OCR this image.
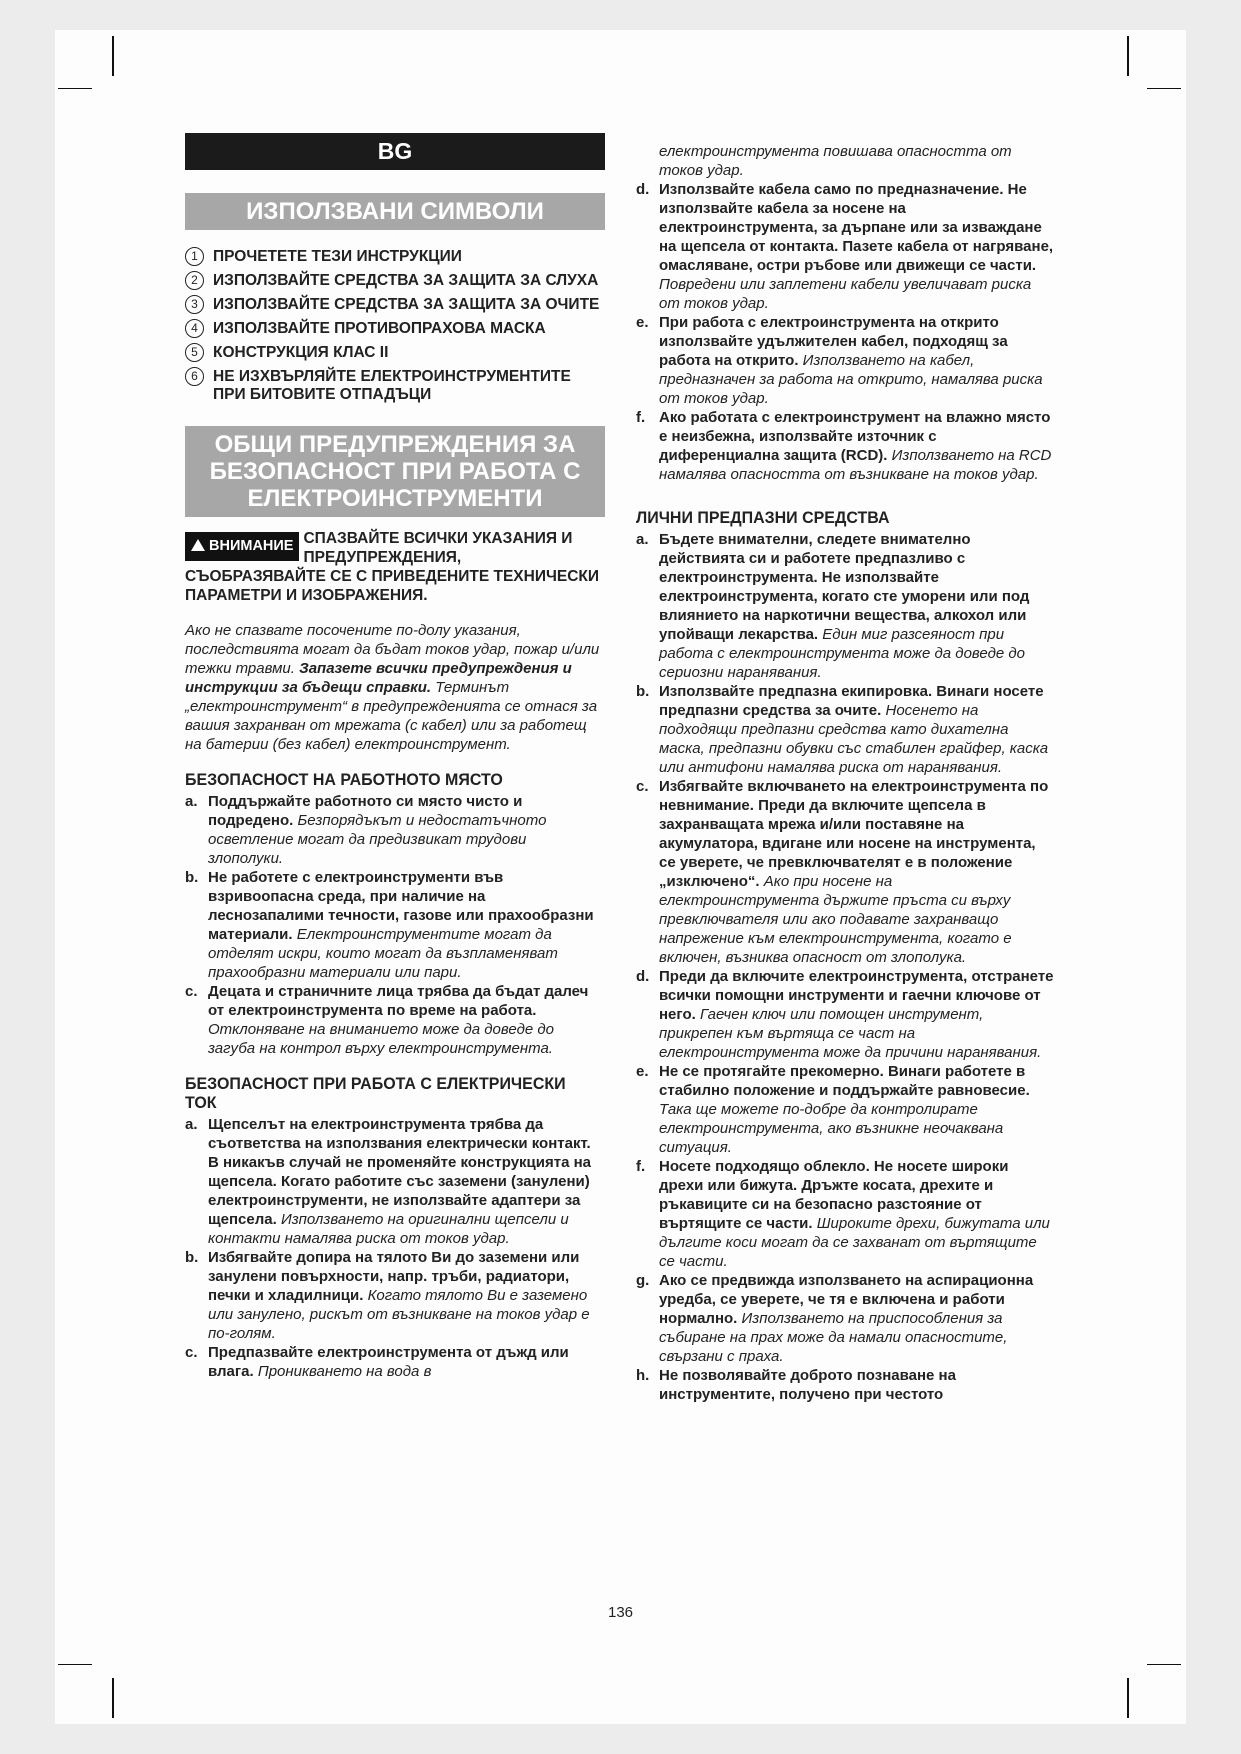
BG
ИЗПОЛЗВАНИ СИМВОЛИ
1 ПРОЧЕТЕТЕ ТЕЗИ ИНСТРУКЦИИ
2 ИЗПОЛЗВАЙТЕ СРЕДСТВА ЗА ЗАЩИТА ЗА СЛУХА
3 ИЗПОЛЗВАЙТЕ СРЕДСТВА ЗА ЗАЩИТА ЗА ОЧИТЕ
4 ИЗПОЛЗВАЙТЕ ПРОТИВОПРАХОВА МАСКА
5 КОНСТРУКЦИЯ КЛАС II
6 НЕ ИЗХВЪРЛЯЙТЕ ЕЛЕКТРОИНСТРУМЕНТИТЕ ПРИ БИТОВИТЕ ОТПАДЪЦИ
ОБЩИ ПРЕДУПРЕЖДЕНИЯ ЗА БЕЗОПАСНОСТ ПРИ РАБОТА С ЕЛЕКТРОИНСТРУМЕНТИ
ВНИМАНИЕ СПАЗВАЙТЕ ВСИЧКИ УКАЗАНИЯ И ПРЕДУПРЕЖДЕНИЯ, СЪОБРАЗЯВАЙТЕ СЕ С ПРИВЕДЕНИТЕ ТЕХНИЧЕСКИ ПАРАМЕТРИ И ИЗОБРАЖЕНИЯ.
Ако не спазвате посочените по-долу указания, последствията могат да бъдат токов удар, пожар и/или тежки травми. Запазете всички предупреждения и инструкции за бъдещи справки. Терминът „електроинструмент“ в предупрежденията се отнася за вашия захранван от мрежата (с кабел) или за работещ на батерии (без кабел) електроинструмент.
БЕЗОПАСНОСТ НА РАБОТНОТО МЯСТО
a. Поддържайте работното си място чисто и подредено. Безпорядъкът и недостатъчното осветление могат да предизвикат трудови злополуки.
b. Не работете с електроинструменти във взривоопасна среда, при наличие на леснозапалими течности, газове или прахообразни материали. Електроинструментите могат да отделят искри, които могат да възпламеняват прахообразни материали или пари.
c. Децата и страничните лица трябва да бъдат далеч от електроинструмента по време на работа. Отклоняване на вниманието може да доведе до загуба на контрол върху електроинструмента.
БЕЗОПАСНОСТ ПРИ РАБОТА С ЕЛЕКТРИЧЕСКИ ТОК
a. Щепселът на електроинструмента трябва да съответства на използвания електрически контакт. В никакъв случай не променяйте конструкцията на щепсела. Когато работите със заземени (занулени) електроинструменти, не използвайте адаптери за щепсела. Използването на оригинални щепсели и контакти намалява риска от токов удар.
b. Избягвайте допира на тялото Ви до заземени или занулени повърхности, напр. тръби, радиатори, печки и хладилници. Когато тялото Ви е заземено или занулено, рискът от възникване на токов удар е по-голям.
c. Предпазвайте електроинструмента от дъжд или влага. Проникването на вода в
електроинструмента повишава опасността от токов удар.
d. Използвайте кабела само по предназначение. Не използвайте кабела за носене на електроинструмента, за дърпане или за изваждане на щепсела от контакта. Пазете кабела от нагряване, омасляване, остри ръбове или движещи се части. Повредени или заплетени кабели увеличават риска от токов удар.
e. При работа с електроинструмента на открито използвайте удължителен кабел, подходящ за работа на открито. Използването на кабел, предназначен за работа на открито, намалява риска от токов удар.
f. Ако работата с електроинструмент на влажно място е неизбежна, използвайте източник с диференциална защита (RCD). Използването на RCD намалява опасността от възникване на токов удар.
ЛИЧНИ ПРЕДПАЗНИ СРЕДСТВА
a. Бъдете внимателни, следете внимателно действията си и работете предпазливо с електроинструмента. Не използвайте електроинструмента, когато сте уморени или под влиянието на наркотични вещества, алкохол или упойващи лекарства. Един миг разсеяност при работа с електроинструмента може да доведе до сериозни наранявания.
b. Използвайте предпазна екипировка. Винаги носете предпазни средства за очите. Носенето на подходящи предпазни средства като дихателна маска, предпазни обувки със стабилен грайфер, каска или антифони намалява риска от наранявания.
c. Избягвайте включването на електроинструмента по невнимание. Преди да включите щепсела в захранващата мрежа и/или поставяне на акумулатора, вдигане или носене на инструмента, се уверете, че превключвателят е в положение „изключено“. Ако при носене на електроинструмента държите пръста си върху превключвателя или ако подавате захранващо напрежение към електроинструмента, когато е включен, възниква опасност от злополука.
d. Преди да включите електроинструмента, отстранете всички помощни инструменти и гаечни ключове от него. Гаечен ключ или помощен инструмент, прикрепен към въртяща се част на електроинструмента може да причини наранявания.
e. Не се протягайте прекомерно. Винаги работете в стабилно положение и поддържайте равновесие. Така ще можете по-добре да контролирате електроинструмента, ако възникне неочаквана ситуация.
f. Носете подходящо облекло. Не носете широки дрехи или бижута. Дръжте косата, дрехите и ръкавиците си на безопасно разстояние от въртящите се части. Широките дрехи, бижутата или дългите коси могат да се захванат от въртящите се части.
g. Ако се предвижда използването на аспирационна уредба, се уверете, че тя е включена и работи нормално. Използването на приспособления за събиране на прах може да намали опасностите, свързани с праха.
h. Не позволявайте доброто познаване на инструментите, получено при честото
136
